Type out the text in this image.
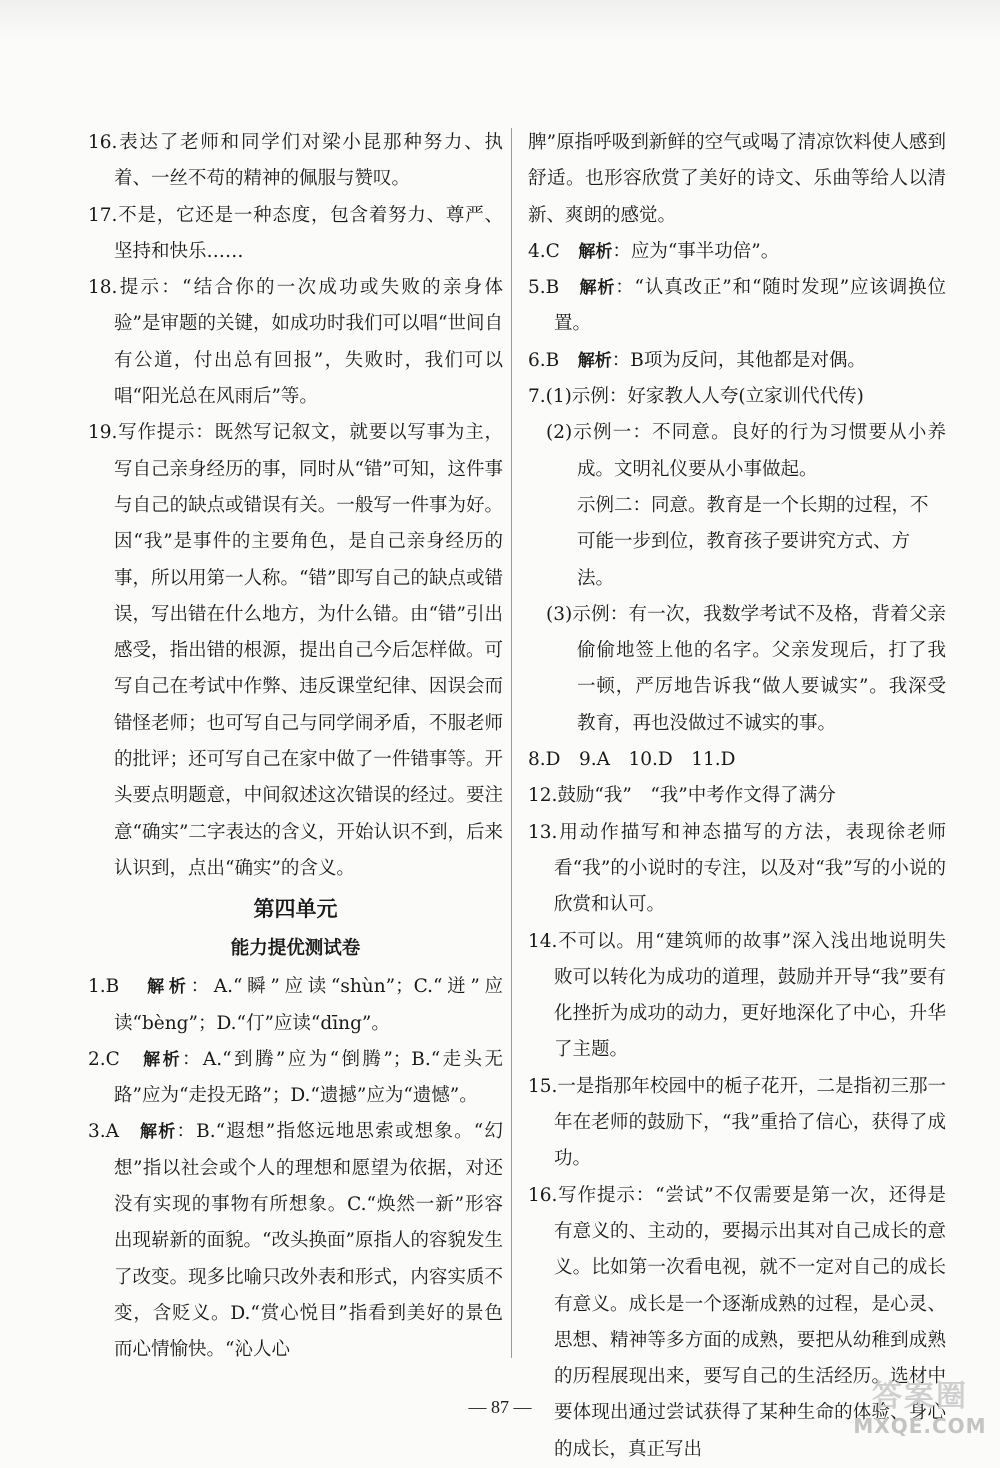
16.表达了老师和同学们对梁小昆那种努力、执着、一丝不苟的精神的佩服与赞叹。
17.不是，它还是一种态度，包含着努力、尊严、坚持和快乐……
18.提示：“结合你的一次成功或失败的亲身体验”是审题的关键，如成功时我们可以唱“世间自有公道，付出总有回报”，失败时，我们可以唱“阳光总在风雨后”等。
19.写作提示：既然写记叙文，就要以写事为主，写自己亲身经历的事，同时从“错”可知，这件事与自己的缺点或错误有关。一般写一件事为好。因“我”是事件的主要角色，是自己亲身经历的事，所以用第一人称。“错”即写自己的缺点或错误，写出错在什么地方，为什么错。由“错”引出感受，指出错的根源，提出自己今后怎样做。可写自己在考试中作弊、违反课堂纪律、因误会而错怪老师；也可写自己与同学闹矛盾，不服老师的批评；还可写自己在家中做了一件错事等。开头要点明题意，中间叙述这次错误的经过。要注意“确实”二字表达的含义，开始认识不到，后来认识到，点出“确实”的含义。
第四单元
能力提优测试卷
1.B　 解析：A.“瞬”应读“shùn”；C.“迸”应读“bèng”；D.“仃”应读“dīng”。
2.C　 解析：A.“到腾”应为“倒腾”；B.“走头无路”应为“走投无路”；D.“遗撼”应为“遗憾”。
3.A　 解析：B.“遐想”指悠远地思索或想象。“幻想”指以社会或个人的理想和愿望为依据，对还没有实现的事物有所想象。C.“焕然一新”形容出现崭新的面貌。“改头换面”原指人的容貌发生了改变。现多比喻只改外表和形式，内容实质不变，含贬义。D.“赏心悦目”指看到美好的景色而心情愉快。“沁人心
脾”原指呼吸到新鲜的空气或喝了清凉饮料使人感到舒适。也形容欣赏了美好的诗文、乐曲等给人以清新、爽朗的感觉。
4.C　 解析：应为“事半功倍”。
5.B　 解析：“认真改正”和“随时发现”应该调换位置。
6.B　 解析：B项为反问，其他都是对偶。
7.(1)示例：好家教人人夸(立家训代代传)
(2)示例一：不同意。良好的行为习惯要从小养成。文明礼仪要从小事做起。
示例二：同意。教育是一个长期的过程，不可能一步到位，教育孩子要讲究方式、方法。
(3)示例：有一次，我数学考试不及格，背着父亲偷偷地签上他的名字。父亲发现后，打了我一顿，严厉地告诉我“做人要诚实”。我深受教育，再也没做过不诚实的事。
8.D　9.A　10.D　11.D
12.鼓励“我”　“我”中考作文得了满分
13.用动作描写和神态描写的方法，表现徐老师看“我”的小说时的专注，以及对“我”写的小说的欣赏和认可。
14.不可以。用“建筑师的故事”深入浅出地说明失败可以转化为成功的道理，鼓励并开导“我”要有化挫折为成功的动力，更好地深化了中心，升华了主题。
15.一是指那年校园中的栀子花开，二是指初三那一年在老师的鼓励下，“我”重拾了信心，获得了成功。
16.写作提示：“尝试”不仅需要是第一次，还得是有意义的、主动的，要揭示出其对自己成长的意义。比如第一次看电视，就不一定对自己的成长有意义。成长是一个逐渐成熟的过程，是心灵、思想、精神等多方面的成熟，要把从幼稚到成熟的历程展现出来，要写自己的生活经历。选材中要体现出通过尝试获得了某种生命的体验、身心的成长，真正写出
— 87 —	答案圈
MXQE.COM
